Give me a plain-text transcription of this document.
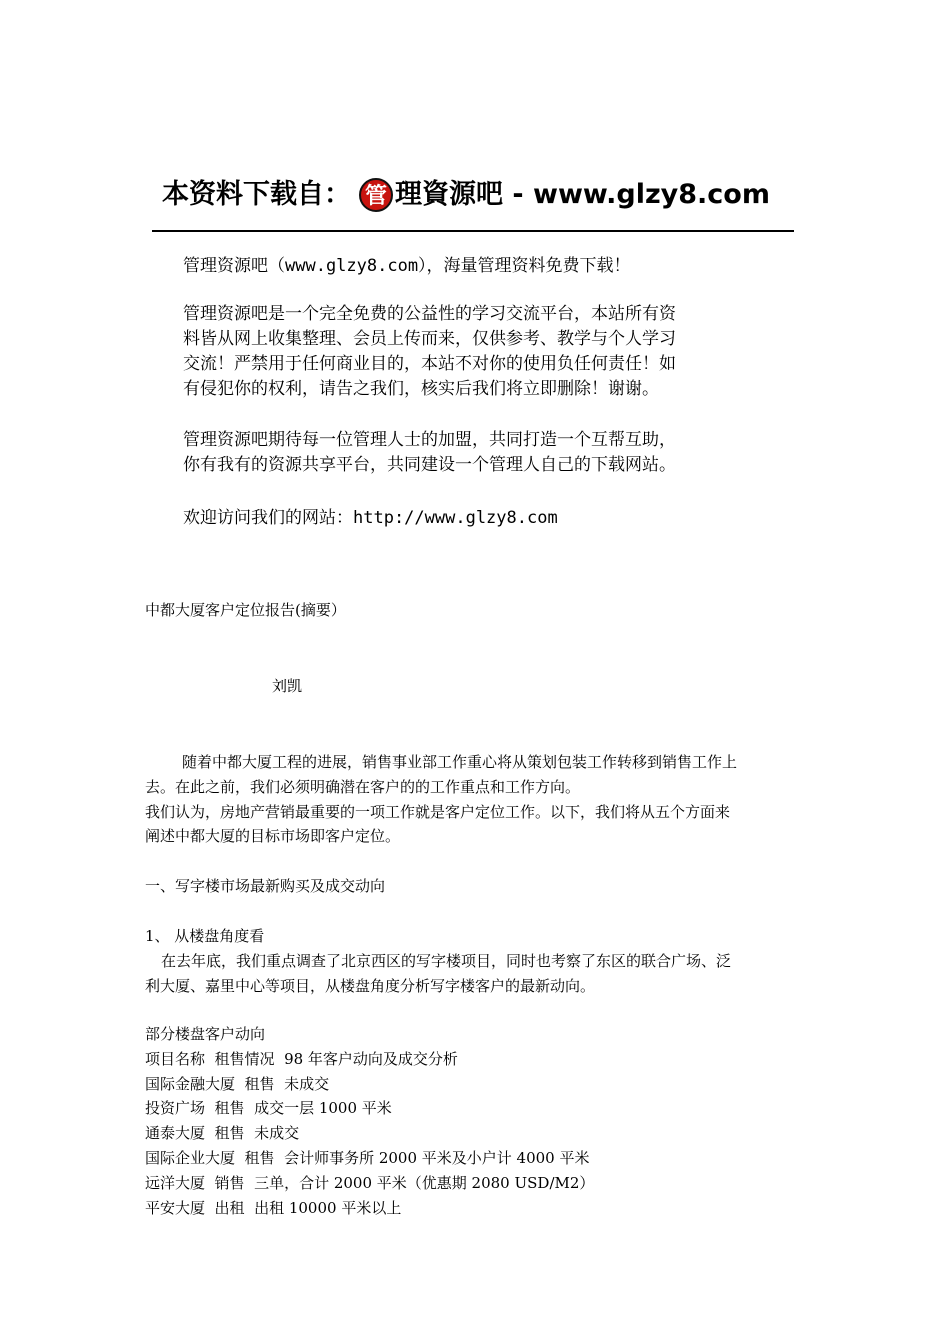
本资料下载自： 管 理資源吧 - www.glzy8.com

管理资源吧（www.glzy8.com），海量管理资料免费下载！

管理资源吧是一个完全免费的公益性的学习交流平台，本站所有资

料皆从网上收集整理、会员上传而来，仅供参考、教学与个人学习

交流！严禁用于任何商业目的，本站不对你的使用负任何责任！如

有侵犯你的权利，请告之我们，核实后我们将立即删除！谢谢。

管理资源吧期待每一位管理人士的加盟，共同打造一个互帮互助，

你有我有的资源共享平台，共同建设一个管理人自己的下载网站。

欢迎访问我们的网站：http://www.glzy8.com

中都大厦客户定位报告(摘要）

刘凯

随着中都大厦工程的进展，销售事业部工作重心将从策划包装工作转移到销售工作上

去。在此之前，我们必须明确潜在客户的的工作重点和工作方向。

我们认为，房地产营销最重要的一项工作就是客户定位工作。以下，我们将从五个方面来

阐述中都大厦的目标市场即客户定位。

一、写字楼市场最新购买及成交动向

1、 从楼盘角度看

在去年底，我们重点调查了北京西区的写字楼项目，同时也考察了东区的联合广场、泛

利大厦、嘉里中心等项目，从楼盘角度分析写字楼客户的最新动向。

部分楼盘客户动向

项目名称  租售情况  98 年客户动向及成交分析

国际金融大厦  租售  未成交

投资广场  租售  成交一层 1000 平米

通泰大厦  租售  未成交

国际企业大厦  租售  会计师事务所 2000 平米及小户计 4000 平米

远洋大厦  销售  三单，合计 2000 平米（优惠期 2080 USD/M2）

平安大厦  出租  出租 10000 平米以上
